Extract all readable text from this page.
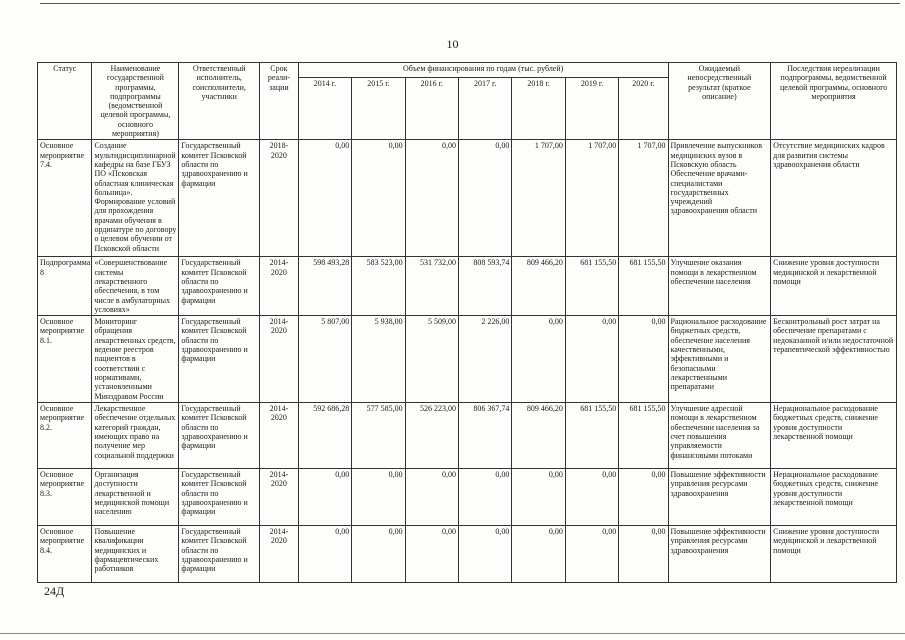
10
Статус	Наименование государственной программы, подпрограммы (ведомственной целевой программы, основного мероприятия)	Ответственный исполнитель, соисполнители, участники	Срок реали-зации	Объем финансирования по годам (тыс. рублей)							Ожидаемый непосредственный результат (краткое описание)	Последствия нереализации подпрограммы, ведомственной целевой программы, основного мероприятия
				2014 г.	2015 г.	2016 г.	2017 г.	2018 г.	2019 г.	2020 г.		
Основное мероприятие 7.4.	Создание мультидисциплинарной кафедры на базе ГБУЗ ПО «Псковская областная клиническая больница». Формирование условий для прохождения врачами обучения в ординатуре по договору о целевом обучении от Псковской области	Государственный комитет Псковской области по здравоохранению и фармации	2018-2020	0,00	0,00	0,00	0,00	1 707,00	1 707,00	1 707,00	Привлечение выпускников медицинских вузов в Псковскую область Обеспечение врачами-специалистами государственных учреждений здравоохранения области	Отсутствие медицинских кадров для развития системы здравоохранения области
Подпрограмма 8	«Совершенствование системы лекарственного обеспечения, в том числе в амбулаторных условиях»	Государственный комитет Псковской области по здравоохранению и фармации	2014-2020	598 493,28	583 523,00	531 732,00	808 593,74	809 466,20	681 155,50	681 155,50	Улучшение оказания помощи в лекарственном обеспечении населения	Снижение уровня доступности медицинской и лекарственной помощи
Основное мероприятие 8.1.	Мониторинг обращения лекарственных средств, ведение реестров пациентов в соответствии с нормативами, установленными Минздравом России	Государственный комитет Псковской области по здравоохранению и фармации	2014-2020	5 807,00	5 938,00	5 509,00	2 226,00	0,00	0,00	0,00	Рациональное расходование бюджетных средств, обеспечение населения качественными, эффективными и безопасными лекарственными препаратами	Бесконтрольный рост затрат на обеспечение препаратами с недоказанной и/или недостаточной терапевтической эффективностью
Основное мероприятие 8.2.	Лекарственное обеспечение отдельных категорий граждан, имеющих право на получение мер социальной поддержки	Государственный комитет Псковской области по здравоохранению и фармации	2014-2020	592 686,28	577 585,00	526 223,00	806 367,74	809 466,20	681 155,50	681 155,50	Улучшение адресной помощи в лекарственном обеспечении населения за счет повышения управляемости финансовыми потоками	Нерациональное расходование бюджетных средств, снижение уровня доступности лекарственной помощи
Основное мероприятие 8.3.	Организация доступности лекарственной и медицинской помощи населению	Государственный комитет Псковской области по здравоохранению и фармации	2014-2020	0,00	0,00	0,00	0,00	0,00	0,00	0,00	Повышение эффективности управления ресурсами здравоохранения	Нерациональное расходование бюджетных средств, снижение уровня доступности лекарственной помощи
Основное мероприятие 8.4.	Повышение квалификации медицинских и фармацевтических работников	Государственный комитет Псковской области по здравоохранению и фармации	2014-2020	0,00	0,00	0,00	0,00	0,00	0,00	0,00	Повышение эффективности управления ресурсами здравоохранения	Снижение уровня доступности медицинской и лекарственной помощи
24Д
